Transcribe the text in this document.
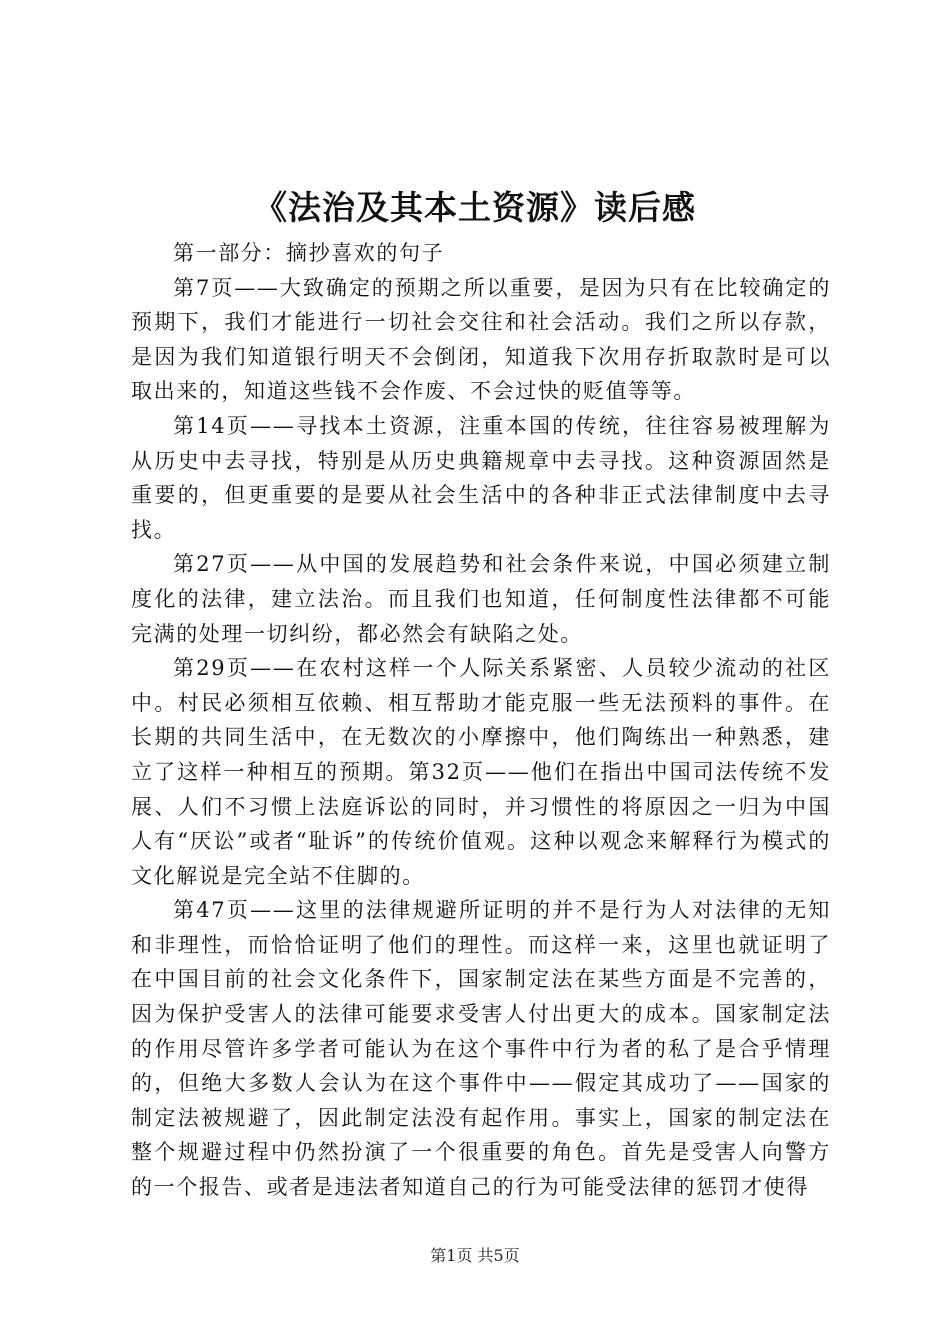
《法治及其本土资源》读后感

第一部分：摘抄喜欢的句子

第7页——大致确定的预期之所以重要，是因为只有在比较确定的预期下，我们才能进行一切社会交往和社会活动。我们之所以存款，是因为我们知道银行明天不会倒闭，知道我下次用存折取款时是可以取出来的，知道这些钱不会作废、不会过快的贬值等等。

第14页——寻找本土资源，注重本国的传统，往往容易被理解为从历史中去寻找，特别是从历史典籍规章中去寻找。这种资源固然是重要的，但更重要的是要从社会生活中的各种非正式法律制度中去寻找。

第27页——从中国的发展趋势和社会条件来说，中国必须建立制度化的法律，建立法治。而且我们也知道，任何制度性法律都不可能完满的处理一切纠纷，都必然会有缺陷之处。

第29页——在农村这样一个人际关系紧密、人员较少流动的社区中。村民必须相互依赖、相互帮助才能克服一些无法预料的事件。在长期的共同生活中，在无数次的小摩擦中，他们陶练出一种熟悉，建立了这样一种相互的预期。第32页——他们在指出中国司法传统不发展、人们不习惯上法庭诉讼的同时，并习惯性的将原因之一归为中国人有“厌讼”或者“耻诉”的传统价值观。这种以观念来解释行为模式的文化解说是完全站不住脚的。

第47页——这里的法律规避所证明的并不是行为人对法律的无知和非理性，而恰恰证明了他们的理性。而这样一来，这里也就证明了在中国目前的社会文化条件下，国家制定法在某些方面是不完善的，因为保护受害人的法律可能要求受害人付出更大的成本。国家制定法的作用尽管许多学者可能认为在这个事件中行为者的私了是合乎情理的，但绝大多数人会认为在这个事件中——假定其成功了——国家的制定法被规避了，因此制定法没有起作用。事实上，国家的制定法在整个规避过程中仍然扮演了一个很重要的角色。首先是受害人向警方的一个报告、或者是违法者知道自己的行为可能受法律的惩罚才使得

第1页 共5页
